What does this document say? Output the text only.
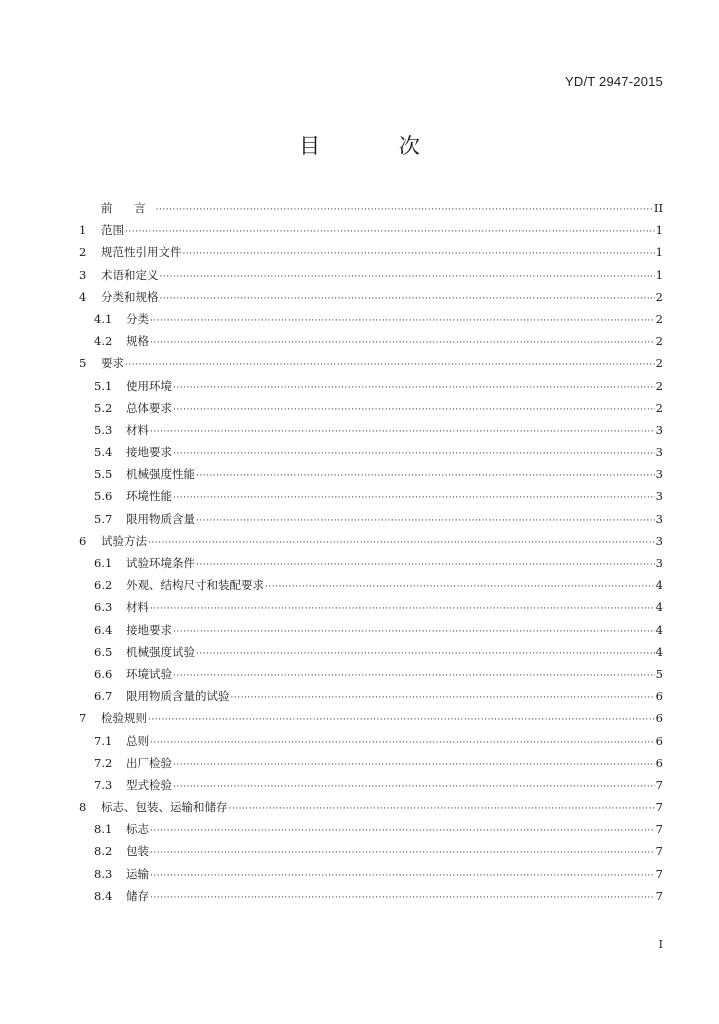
YD/T 2947-2015
目 次
前 言 ·····	II
1	范围 ·····	1
2	规范性引用文件 ·····	1
3	术语和定义 ·····	1
4	分类和规格 ·····	2
4.1	分类 ·····	2
4.2	规格 ·····	2
5	要求 ·····	2
5.1	使用环境 ·····	2
5.2	总体要求 ·····	2
5.3	材料 ·····	3
5.4	接地要求 ·····	3
5.5	机械强度性能 ·····	3
5.6	环境性能 ·····	3
5.7	限用物质含量 ·····	3
6	试验方法 ·····	3
6.1	试验环境条件 ·····	3
6.2	外观、结构尺寸和装配要求 ·····	4
6.3	材料 ·····	4
6.4	接地要求 ·····	4
6.5	机械强度试验 ·····	4
6.6	环境试验 ·····	5
6.7	限用物质含量的试验 ·····	6
7	检验规则 ·····	6
7.1	总则 ·····	6
7.2	出厂检验 ·····	6
7.3	型式检验 ·····	7
8	标志、包装、运输和储存 ·····	7
8.1	标志 ·····	7
8.2	包装 ·····	7
8.3	运输 ·····	7
8.4	储存 ·····	7
I
